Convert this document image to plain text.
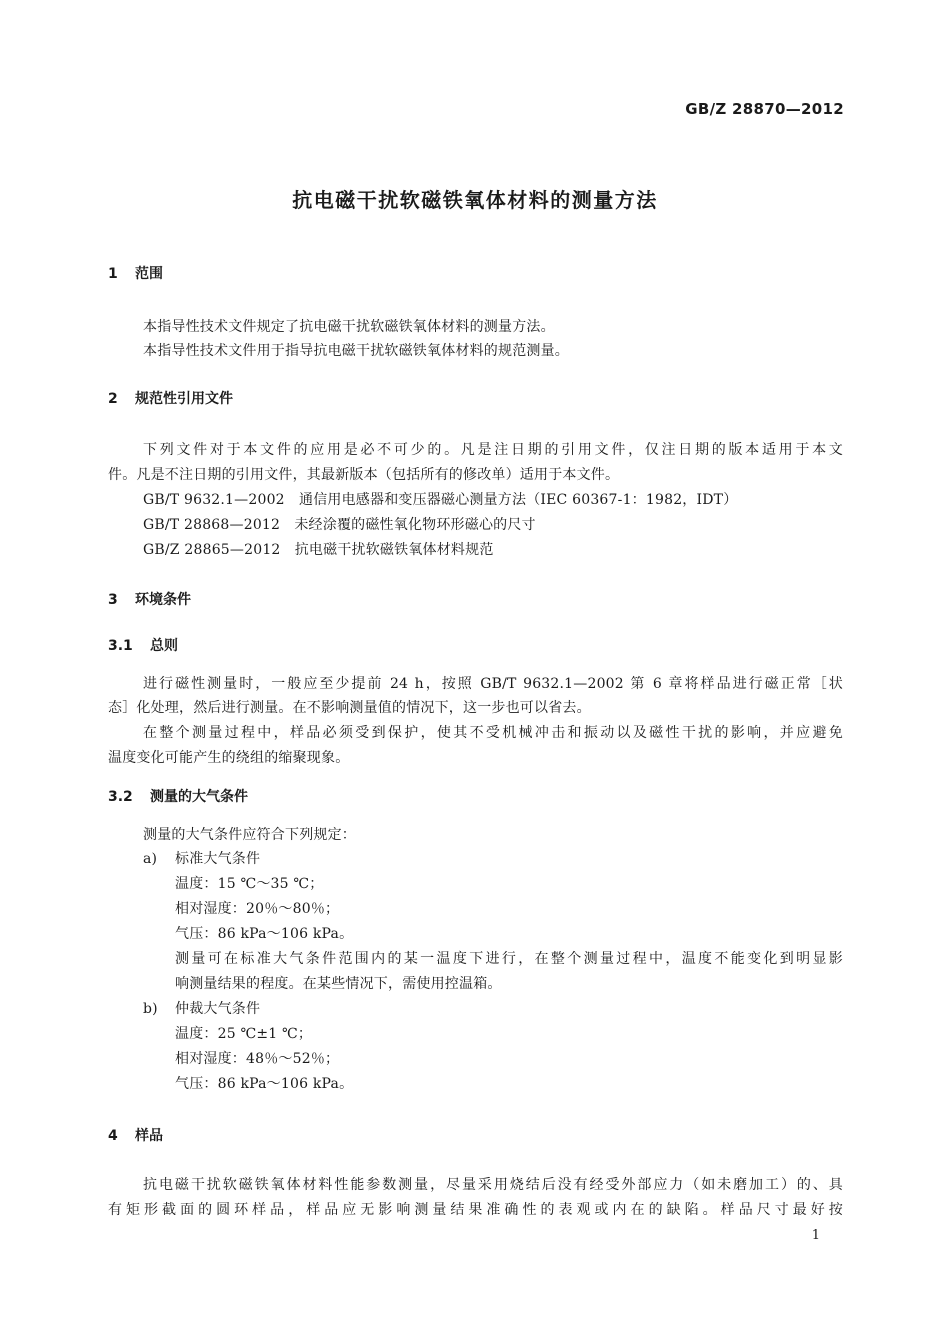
GB/Z 28870—2012
抗电磁干扰软磁铁氧体材料的测量方法
1 范围
本指导性技术文件规定了抗电磁干扰软磁铁氧体材料的测量方法。
本指导性技术文件用于指导抗电磁干扰软磁铁氧体材料的规范测量。
2 规范性引用文件
下列文件对于本文件的应用是必不可少的。凡是注日期的引用文件，仅注日期的版本适用于本文
件。凡是不注日期的引用文件，其最新版本（包括所有的修改单）适用于本文件。
GB/T 9632.1—2002　通信用电感器和变压器磁心测量方法（IEC 60367-1：1982，IDT）
GB/T 28868—2012　未经涂覆的磁性氧化物环形磁心的尺寸
GB/Z 28865—2012　抗电磁干扰软磁铁氧体材料规范
3 环境条件
3.1 总则
进行磁性测量时，一般应至少提前 24 h，按照 GB/T 9632.1—2002 第 6 章将样品进行磁正常［状
态］化处理，然后进行测量。在不影响测量值的情况下，这一步也可以省去。
在整个测量过程中，样品必须受到保护，使其不受机械冲击和振动以及磁性干扰的影响，并应避免
温度变化可能产生的绕组的缩聚现象。
3.2 测量的大气条件
测量的大气条件应符合下列规定：
a) 标准大气条件
温度：15 ℃～35 ℃；
相对湿度：20％～80％；
气压：86 kPa～106 kPa。
测量可在标准大气条件范围内的某一温度下进行，在整个测量过程中，温度不能变化到明显影
响测量结果的程度。在某些情况下，需使用控温箱。
b) 仲裁大气条件
温度：25 ℃±1 ℃；
相对湿度：48％～52％；
气压：86 kPa～106 kPa。
4 样品
抗电磁干扰软磁铁氧体材料性能参数测量，尽量采用烧结后没有经受外部应力（如未磨加工）的、具
有矩形截面的圆环样品，样品应无影响测量结果准确性的表观或内在的缺陷。样品尺寸最好按
1
